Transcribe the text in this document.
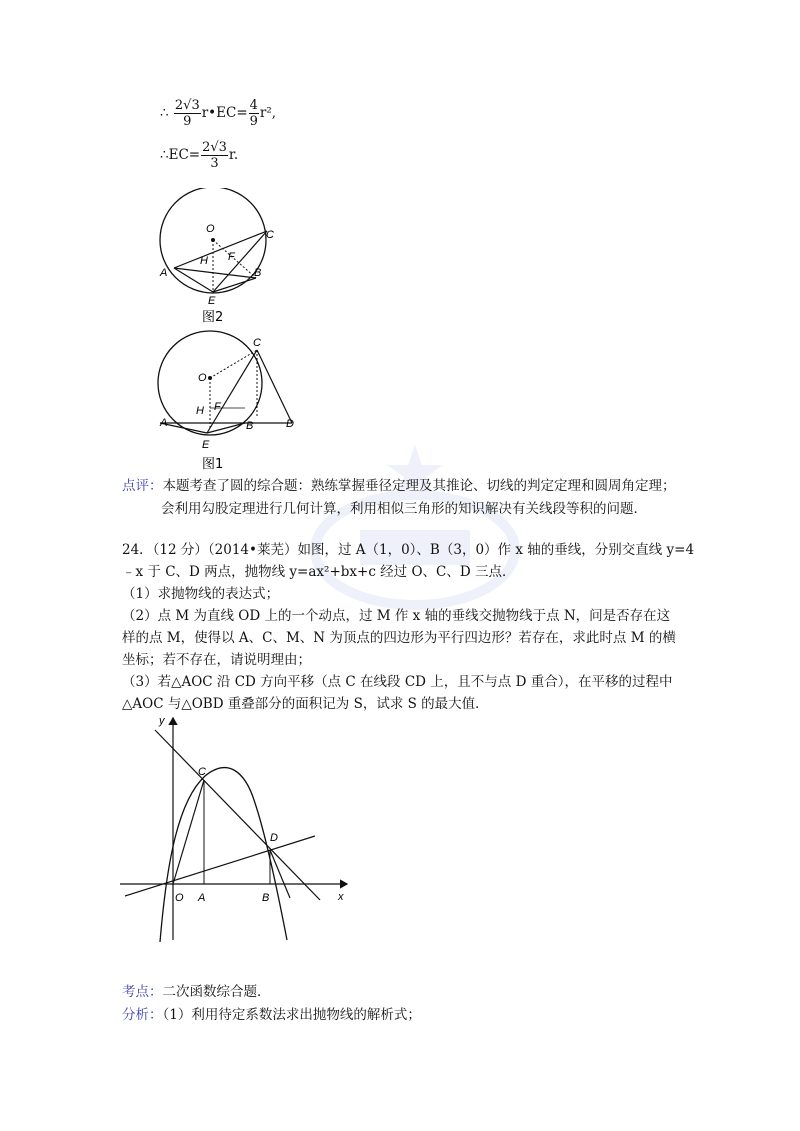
∴ $\frac{2√3}{9}$ r•EC= $\frac{4}{9} r^2$,
∴EC= $\frac{2√3}{3} r$.
O	C
H F
A	B
E
图2
O
C
H F
A	B	D
E
图1
点评：本题考查了圆的综合题：熟练掌握垂径定理及其推论、切线的判定定理和圆周角定理；
会利用勾股定理进行几何计算，利用相似三角形的知识解决有关线段等积的问题．
24．（12 分）（2014•莱芜）如图，过 A（1，0）、B（3，0）作 x 轴的垂线，分别交直线 y=4
﹣x 于 C、D 两点，抛物线 y=ax²+bx+c 经过 O、C、D 三点．
（1）求抛物线的表达式；
（2）点 M 为直线 OD 上的一个动点，过 M 作 x 轴的垂线交抛物线于点 N，问是否存在这
样的点 M，使得以 A、C、M、N 为顶点的四边形为平行四边形？若存在，求此时点 M 的横
坐标；若不存在，请说明理由；
（3）若△AOC 沿 CD 方向平移（点 C 在线段 CD 上，且不与点 D 重合），在平移的过程中
△AOC 与△OBD 重叠部分的面积记为 S，试求 S 的最大值．
y
x
O A	B
C
D
考点：二次函数综合题．
分析：（1）利用待定系数法求出抛物线的解析式；
